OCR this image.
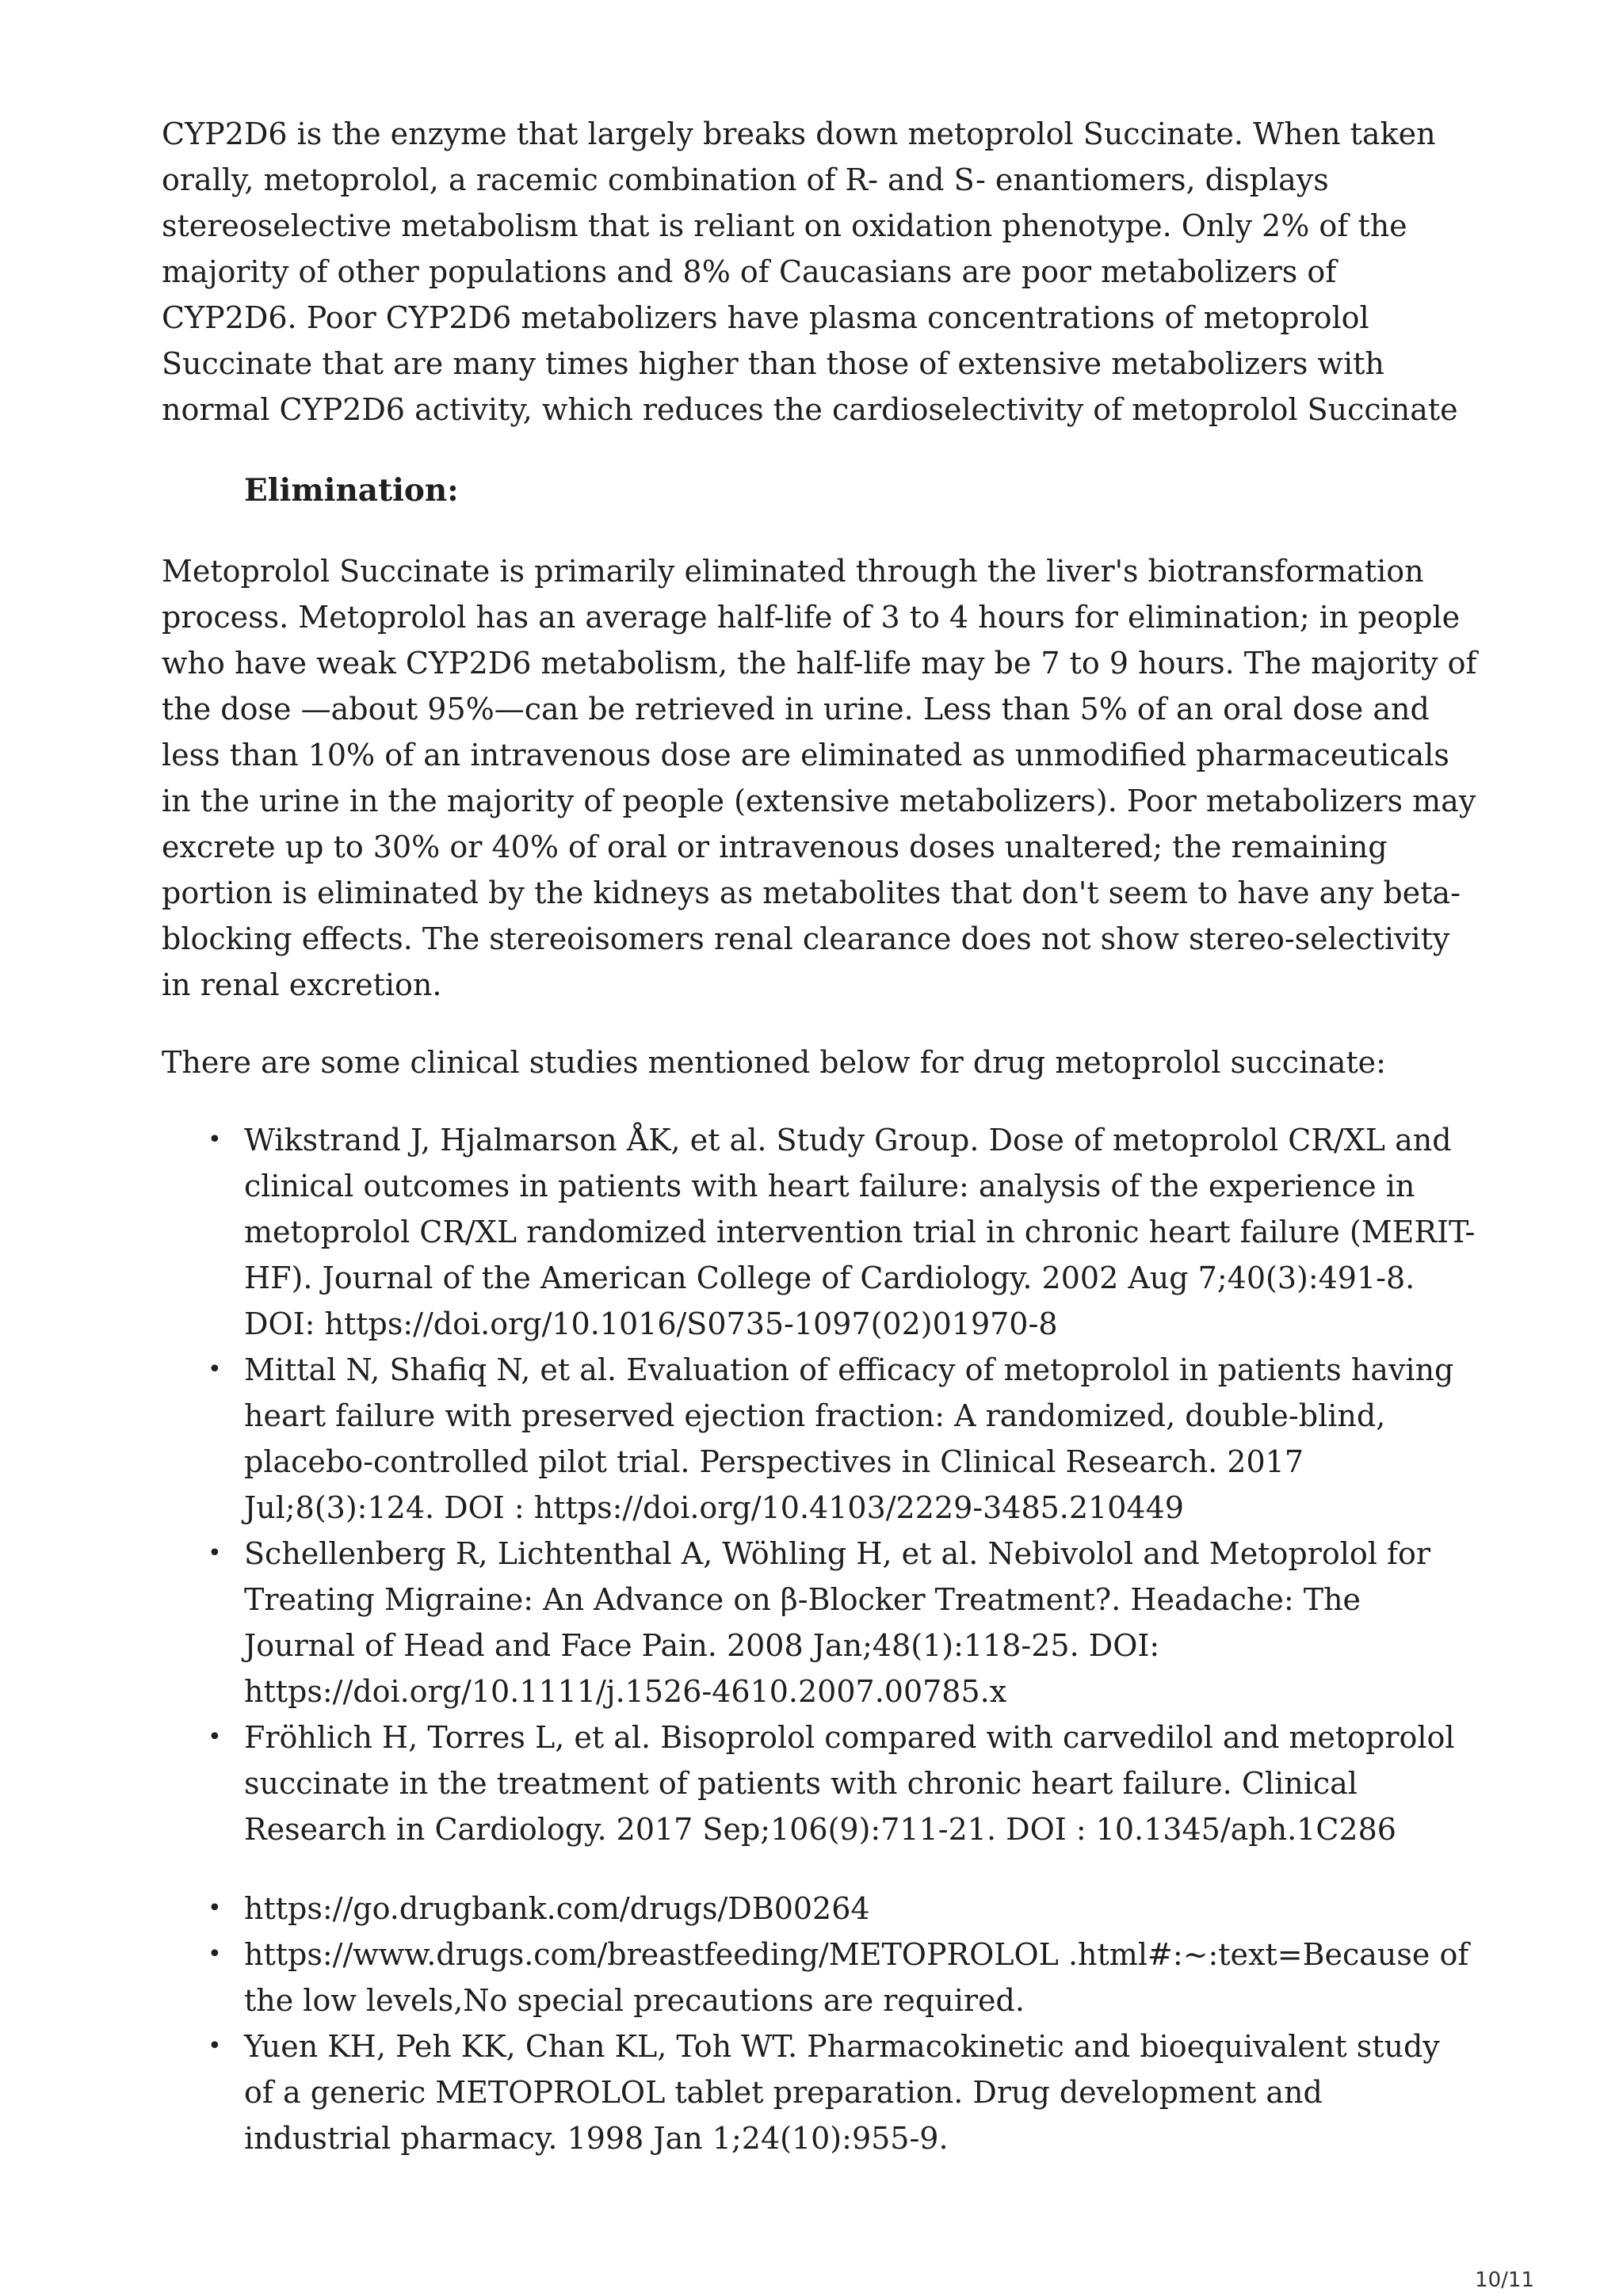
CYP2D6 is the enzyme that largely breaks down metoprolol Succinate. When taken orally, metoprolol, a racemic combination of R- and S- enantiomers, displays stereoselective metabolism that is reliant on oxidation phenotype. Only 2% of the majority of other populations and 8% of Caucasians are poor metabolizers of CYP2D6. Poor CYP2D6 metabolizers have plasma concentrations of metoprolol Succinate that are many times higher than those of extensive metabolizers with normal CYP2D6 activity, which reduces the cardioselectivity of metoprolol Succinate

Elimination:

Metoprolol Succinate is primarily eliminated through the liver's biotransformation process. Metoprolol has an average half-life of 3 to 4 hours for elimination; in people who have weak CYP2D6 metabolism, the half-life may be 7 to 9 hours. The majority of the dose —about 95%—can be retrieved in urine. Less than 5% of an oral dose and less than 10% of an intravenous dose are eliminated as unmodified pharmaceuticals in the urine in the majority of people (extensive metabolizers). Poor metabolizers may excrete up to 30% or 40% of oral or intravenous doses unaltered; the remaining portion is eliminated by the kidneys as metabolites that don't seem to have any beta-blocking effects. The stereoisomers renal clearance does not show stereo-selectivity in renal excretion.

There are some clinical studies mentioned below for drug metoprolol succinate:

• Wikstrand J, Hjalmarson ÅK, et al. Study Group. Dose of metoprolol CR/XL and clinical outcomes in patients with heart failure: analysis of the experience in metoprolol CR/XL randomized intervention trial in chronic heart failure (MERIT-HF). Journal of the American College of Cardiology. 2002 Aug 7;40(3):491-8. DOI: https://doi.org/10.1016/S0735-1097(02)01970-8
• Mittal N, Shafiq N, et al. Evaluation of efficacy of metoprolol in patients having heart failure with preserved ejection fraction: A randomized, double-blind, placebo-controlled pilot trial. Perspectives in Clinical Research. 2017 Jul;8(3):124. DOI : https://doi.org/10.4103/2229-3485.210449
• Schellenberg R, Lichtenthal A, Wöhling H, et al. Nebivolol and Metoprolol for Treating Migraine: An Advance on β-Blocker Treatment?. Headache: The Journal of Head and Face Pain. 2008 Jan;48(1):118-25. DOI: https://doi.org/10.1111/j.1526-4610.2007.00785.x
• Fröhlich H, Torres L, et al. Bisoprolol compared with carvedilol and metoprolol succinate in the treatment of patients with chronic heart failure. Clinical Research in Cardiology. 2017 Sep;106(9):711-21. DOI : 10.1345/aph.1C286
• https://go.drugbank.com/drugs/DB00264
• https://www.drugs.com/breastfeeding/METOPROLOL .html#:~:text=Because of the low levels,No special precautions are required.
• Yuen KH, Peh KK, Chan KL, Toh WT. Pharmacokinetic and bioequivalent study of a generic METOPROLOL tablet preparation. Drug development and industrial pharmacy. 1998 Jan 1;24(10):955-9.
10/11
